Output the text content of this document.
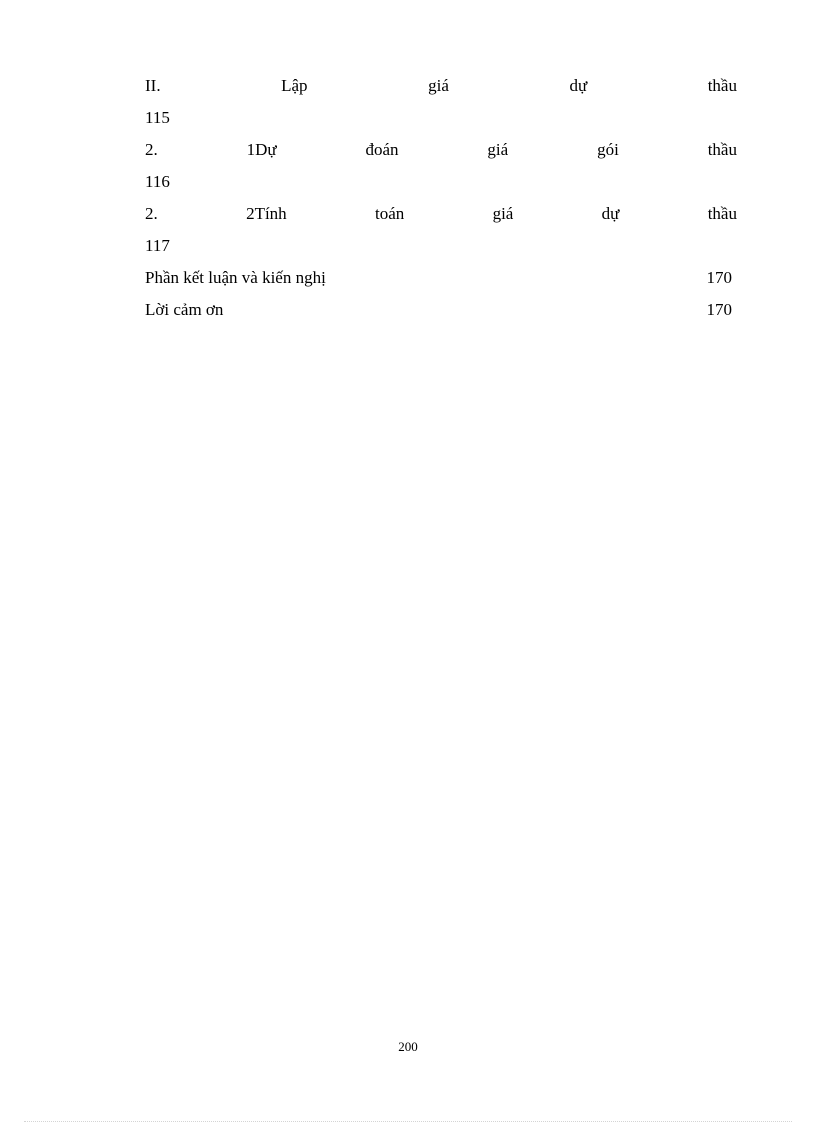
II.	Lập	giá	dự	thầu
115
2.	1Dự	đoán	giá	gói	thầu
116
2.	2Tính	toán	giá	dự	thầu
117
Phần kết luận và kiến nghị	170
Lời cảm ơn	170
200
